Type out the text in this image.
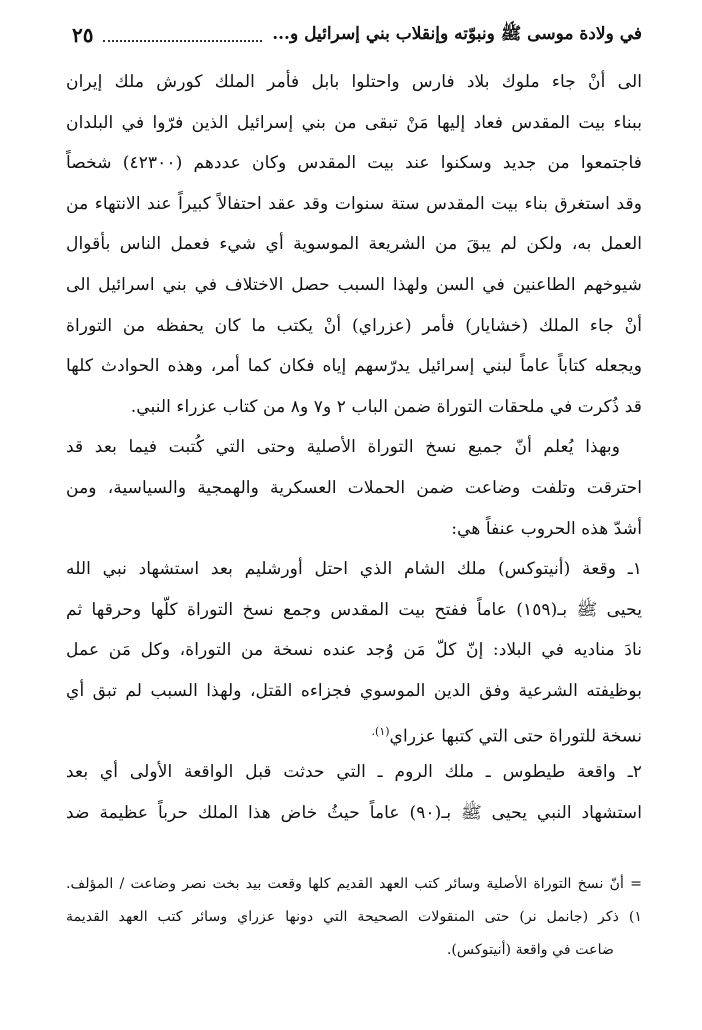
٢٥	في ولادة موسى ﷺ ونبوّته وإنقلاب بني إسرائيل و...
الى أنْ جاء ملوك بلاد فارس واحتلوا بابل فأمر الملك كورش ملك إيران
ببناء بيت المقدس فعاد إليها مَنْ تبقى من بني إسرائيل الذين فرّوا في البلدان
فاجتمعوا من جديد وسكنوا عند بيت المقدس وكان عددهم (٤٢٣٠٠) شخصاً
وقد استغرق بناء بيت المقدس ستة سنوات وقد عقد احتفالاً كبيراً عند الانتهاء من
العمل به، ولكن لم يبقَ من الشريعة الموسوية أي شيء فعمل الناس بأقوال
شيوخهم الطاعنين في السن ولهذا السبب حصل الاختلاف في بني اسرائيل الى
أنْ جاء الملك (خشايار) فأمر (عزراي) أنْ يكتب ما كان يحفظه من التوراة
ويجعله كتاباً عاماً لبني إسرائيل يدرّسهم إياه فكان كما أمر، وهذه الحوادث كلها
قد ذُكرت في ملحقات التوراة ضمن الباب ٢ و٧ و٨ من كتاب عزراء النبي.
وبهذا يُعلم أنّ جميع نسخ التوراة الأصلية وحتى التي كُتبت فيما بعد قد
احترقت وتلفت وضاعت ضمن الحملات العسكرية والهمجية والسياسية، ومن
أشدّ هذه الحروب عنفاً هي:
١ـ وقعة (أنيتوكس) ملك الشام الذي احتل أورشليم بعد استشهاد نبي الله
يحيى ﷺ بـ(١٥٩) عاماً ففتح بيت المقدس وجمع نسخ التوراة كلّها وحرقها ثم
نادَ مناديه في البلاد: إنّ كلّ مَن وُجد عنده نسخة من التوراة، وكل مَن عمل
بوظيفته الشرعية وفق الدين الموسوي فجزاءه القتل، ولهذا السبب لم تبق أي
نسخة للتوراة حتى التي كتبها عزراي$^{(١).}$
٢ـ واقعة طيطوس ـ ملك الروم ـ التي حدثت قبل الواقعة الأولى أي بعد
استشهاد النبي يحيى ﷺ بـ(٩٠) عاماً حيثُ خاض هذا الملك حرباً عظيمة ضد
= أنّ نسخ التوراة الأصلية وسائر كتب العهد القديم كلها وقعت بيد بخت نصر وضاعت / المؤلف.
١) ذكر (جانمل نر) حتى المنقولات الصحيحة التي دونها عزراي وسائر كتب العهد القديمة
ضاعت في واقعة (أنيتوكس).
